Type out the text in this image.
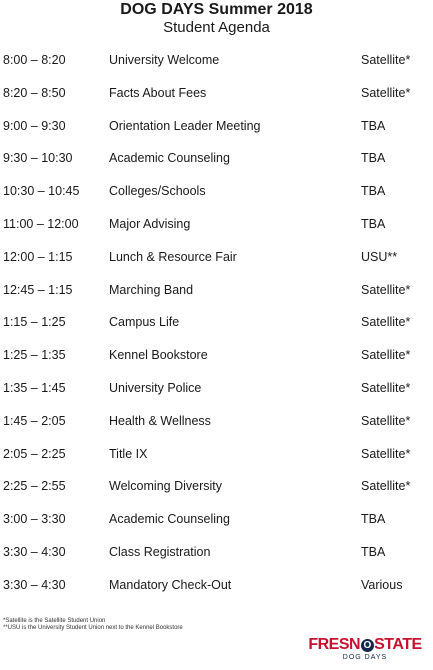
DOG DAYS Summer 2018
Student Agenda
8:00 – 8:20	University Welcome	Satellite*
8:20 – 8:50	Facts About Fees	Satellite*
9:00 – 9:30	Orientation Leader Meeting	TBA
9:30 – 10:30	Academic Counseling	TBA
10:30 – 10:45 Colleges/Schools	TBA
11:00 – 12:00 Major Advising	TBA
12:00 – 1:15	Lunch & Resource Fair	USU**
12:45 – 1:15	Marching Band	Satellite*
1:15 – 1:25	Campus Life	Satellite*
1:25 – 1:35	Kennel Bookstore	Satellite*
1:35 – 1:45	University Police	Satellite*
1:45 – 2:05	Health & Wellness	Satellite*
2:05 – 2:25	Title IX	Satellite*
2:25 – 2:55	Welcoming Diversity	Satellite*
3:00 – 3:30	Academic Counseling	TBA
3:30 – 4:30	Class Registration	TBA
3:30 – 4:30	Mandatory Check-Out	Various
*Satellite is the Satellite Student Union
**USU is the University Student Union next to the Kennel Bookstore
FRESN O STATE
DOG DAYS
